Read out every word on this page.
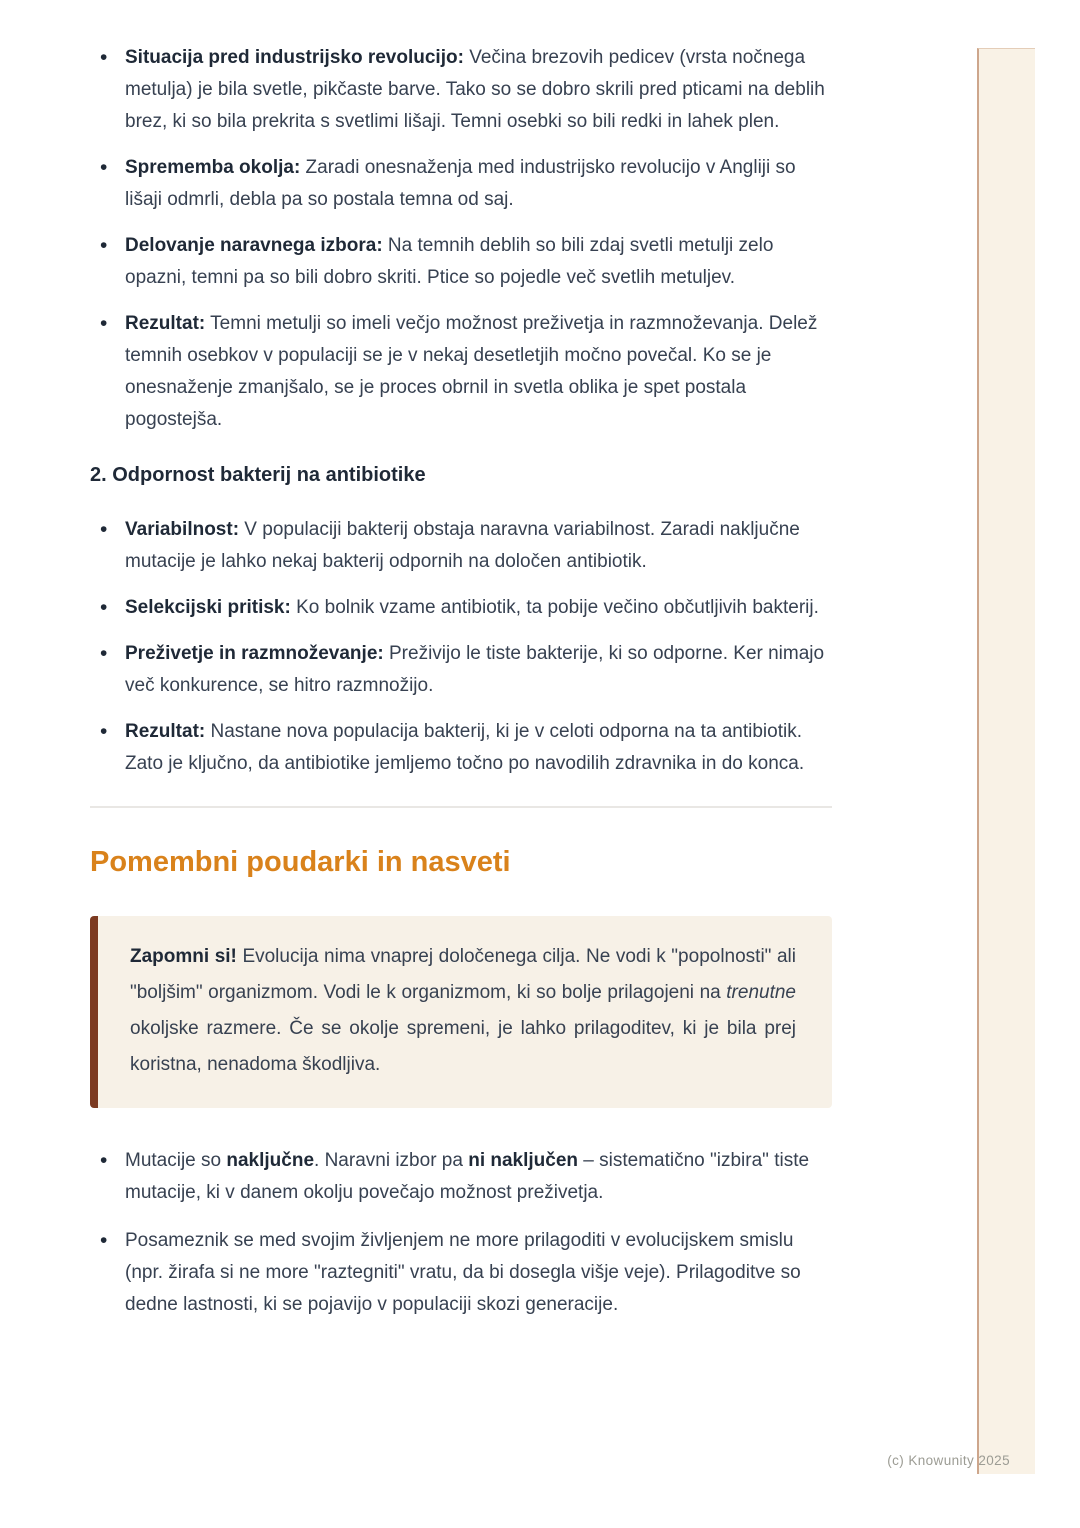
• Situacija pred industrijsko revolucijo: Večina brezovih pedicev (vrsta nočnega metulja) je bila svetle, pikčaste barve. Tako so se dobro skrili pred pticami na deblih brez, ki so bila prekrita s svetlimi lišaji. Temni osebki so bili redki in lahek plen.
• Sprememba okolja: Zaradi onesnaženja med industrijsko revolucijo v Angliji so lišaji odmrli, debla pa so postala temna od saj.
• Delovanje naravnega izbora: Na temnih deblih so bili zdaj svetli metulji zelo opazni, temni pa so bili dobro skriti. Ptice so pojedle več svetlih metuljev.
• Rezultat: Temni metulji so imeli večjo možnost preživetja in razmnoževanja. Delež temnih osebkov v populaciji se je v nekaj desetletjih močno povečal. Ko se je onesnaženje zmanjšalo, se je proces obrnil in svetla oblika je spet postala pogostejša.
2. Odpornost bakterij na antibiotike
• Variabilnost: V populaciji bakterij obstaja naravna variabilnost. Zaradi naključne mutacije je lahko nekaj bakterij odpornih na določen antibiotik.
• Selekcijski pritisk: Ko bolnik vzame antibiotik, ta pobije večino občutljivih bakterij.
• Preživetje in razmnoževanje: Preživijo le tiste bakterije, ki so odporne. Ker nimajo več konkurence, se hitro razmnožijo.
• Rezultat: Nastane nova populacija bakterij, ki je v celoti odporna na ta antibiotik. Zato je ključno, da antibiotike jemljemo točno po navodilih zdravnika in do konca.
Pomembni poudarki in nasveti
Zapomni si! Evolucija nima vnaprej določenega cilja. Ne vodi k "popolnosti" ali "boljšim" organizmom. Vodi le k organizmom, ki so bolje prilagojeni na trenutne okoljske razmere. Če se okolje spremeni, je lahko prilagoditev, ki je bila prej koristna, nenadoma škodljiva.
• Mutacije so naključne. Naravni izbor pa ni naključen – sistematično "izbira" tiste mutacije, ki v danem okolju povečajo možnost preživetja.
• Posameznik se med svojim življenjem ne more prilagoditi v evolucijskem smislu (npr. žirafa si ne more "raztegniti" vratu, da bi dosegla višje veje). Prilagoditve so dedne lastnosti, ki se pojavijo v populaciji skozi generacije.
(c) Knowunity 2025
